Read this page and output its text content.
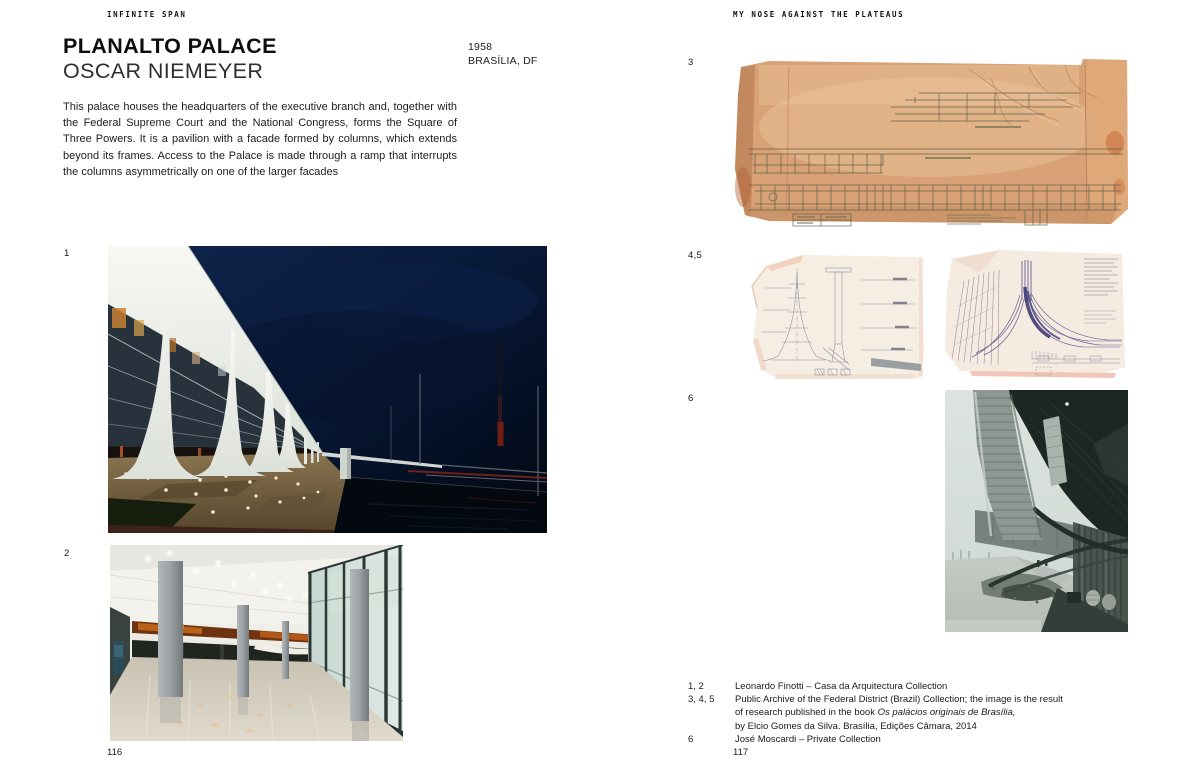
INFINITE SPAN	MY NOSE AGAINST THE PLATEAUS
PLANALTO PALACE
OSCAR NIEMEYER
1958
BRASÍLIA, DF

This palace houses the headquarters of the executive branch and, together with the Federal Supreme Court and the National Congress, forms the Square of Three Powers. It is a pavilion with a facade formed by columns, which extends beyond its frames. Access to the Palace is made through a ramp that interrupts the columns asymmetrically on one of the larger facades

1
2
116
3
4,5
6
1, 2	Leonardo Finotti – Casa da Arquitectura Collection
3, 4, 5	Public Archive of the Federal District (Brazil) Collection; the image is the result
of research published in the book Os palácios originais de Brasília,
by Elcio Gomes da Silva. Brasília, Edições Câmara, 2014
6	José Moscardi – Private Collection
117
